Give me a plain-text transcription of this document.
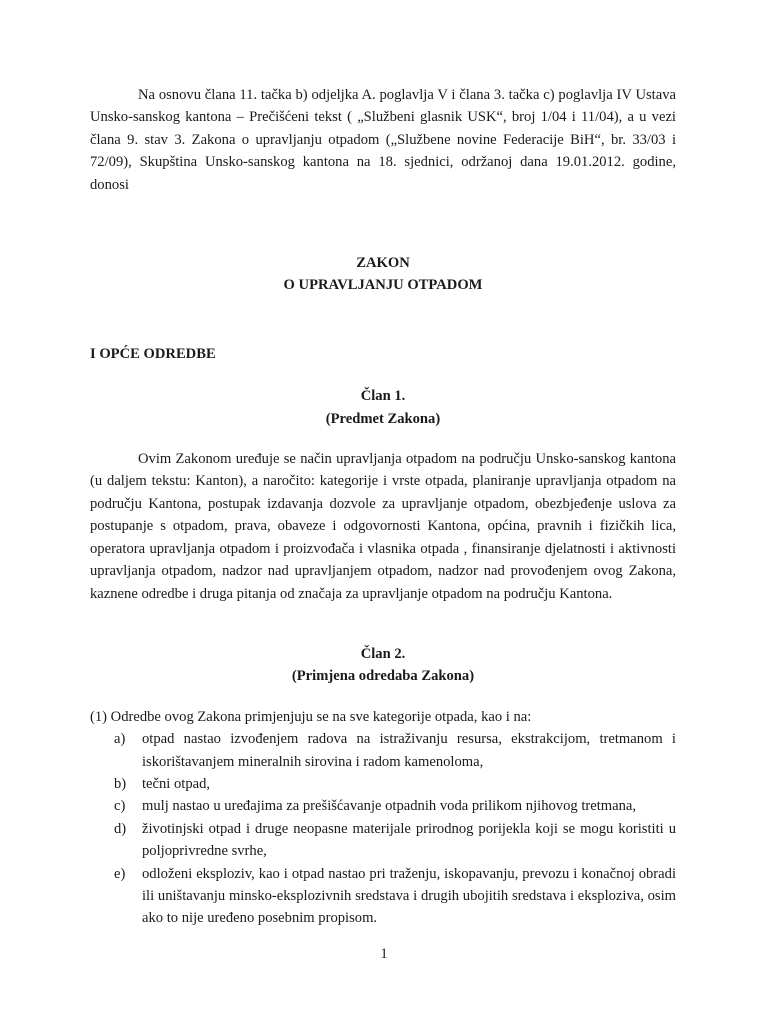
Na osnovu člana 11. tačka b) odjeljka A. poglavlja V i člana 3. tačka c) poglavlja IV Ustava Unsko-sanskog kantona – Prečišćeni tekst ( „Službeni glasnik USK“, broj 1/04 i 11/04), a u vezi člana 9. stav 3. Zakona o upravljanju otpadom („Službene novine Federacije BiH“, br. 33/03 i 72/09), Skupština Unsko-sanskog kantona na 18. sjednici, održanoj dana 19.01.2012. godine, donosi

ZAKON
O UPRAVLJANJU OTPADOM
I OPĆE ODREDBE
Član 1.
(Predmet Zakona)

Ovim Zakonom uređuje se način upravljanja otpadom na području Unsko-sanskog kantona (u daljem tekstu: Kanton), a naročito: kategorije i vrste otpada, planiranje upravljanja otpadom na području Kantona, postupak izdavanja dozvole za upravljanje otpadom, obezbjeđenje uslova za postupanje s otpadom, prava, obaveze i odgovornosti Kantona, općina, pravnih i fizičkih lica, operatora upravljanja otpadom i proizvođača i vlasnika otpada , finansiranje djelatnosti i aktivnosti upravljanja otpadom, nadzor nad upravljanjem otpadom, nadzor nad provođenjem ovog Zakona, kaznene odredbe i druga pitanja od značaja za upravljanje otpadom na području Kantona.

Član 2.
(Primjena odredaba Zakona)

(1) Odredbe ovog Zakona primjenjuju se na sve kategorije otpada, kao i na:

a)	otpad nastao izvođenjem radova na istraživanju resursa, ekstrakcijom, tretmanom i iskorištavanjem mineralnih sirovina i radom kamenoloma,
b)	tečni otpad,
c)	mulj nastao u uređajima za prešišćavanje otpadnih voda prilikom njihovog tretmana,
d)	životinjski otpad i druge neopasne materijale prirodnog porijekla koji se mogu koristiti u poljoprivredne svrhe,
e)	odloženi eksploziv, kao i otpad nastao pri traženju, iskopavanju, prevozu i konačnoj obradi ili uništavanju minsko-eksplozivnih sredstava i drugih ubojitih sredstava i eksploziva, osim ako to nije uređeno posebnim propisom.
1
